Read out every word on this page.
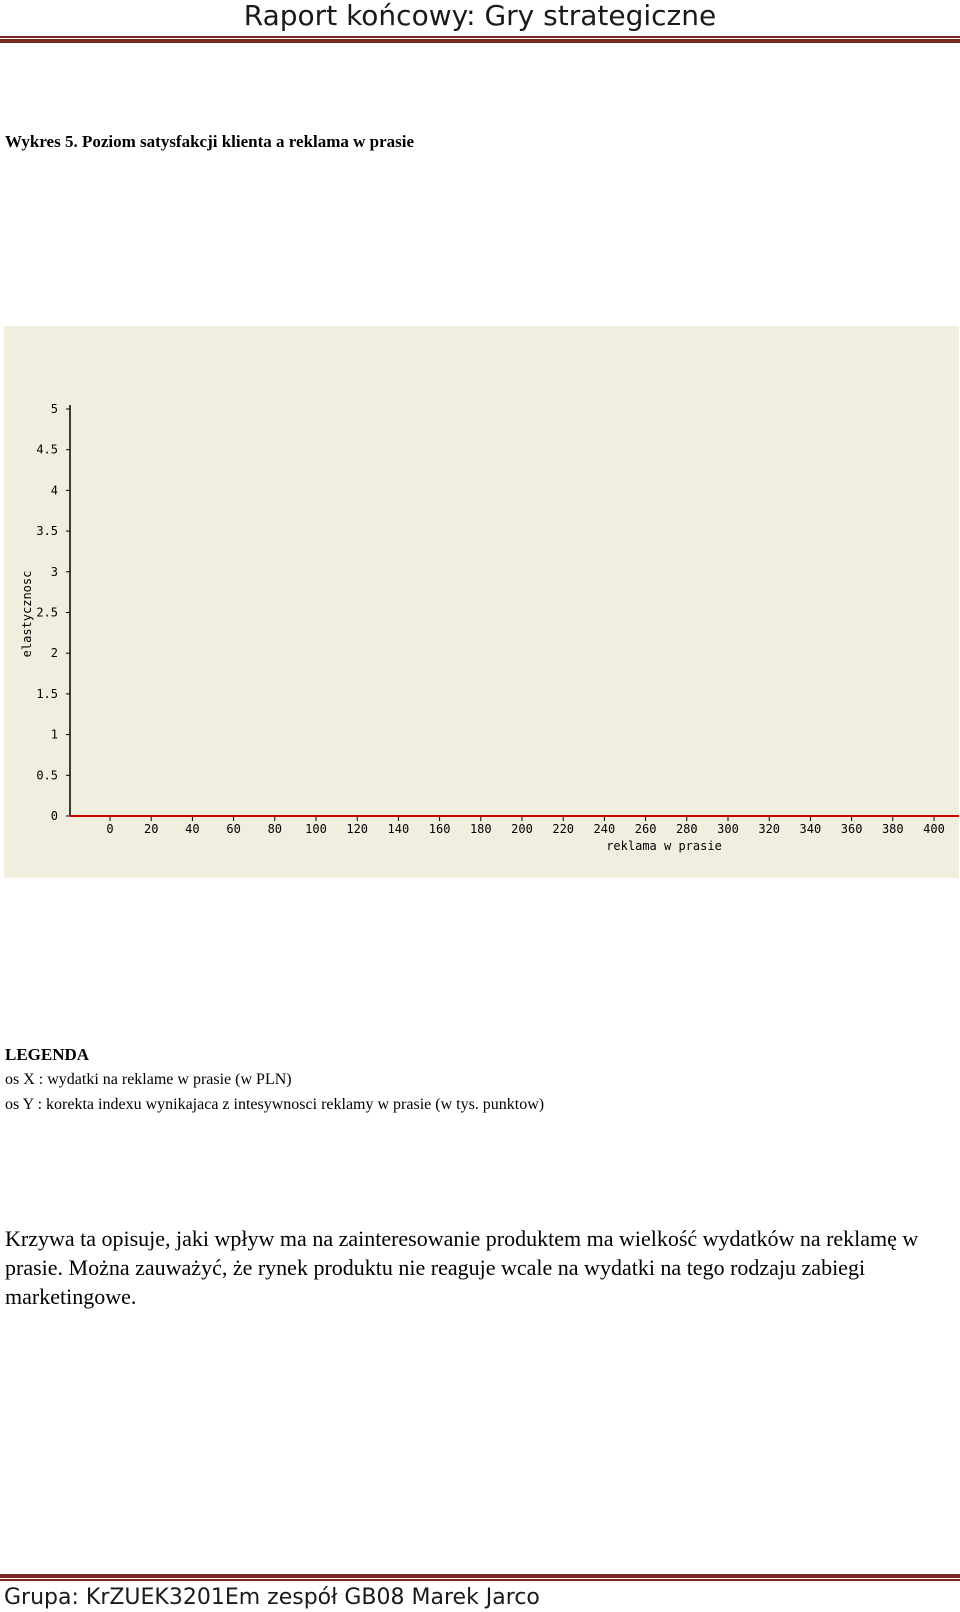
Raport końcowy: Gry strategiczne
Wykres 5. Poziom satysfakcji klienta a reklama w prasie
0
0.5
1
1.5
2
2.5
3
3.5
4
4.5
5
0	20 40 60 80 100 120 140 160 180 200 220 240 260 280 300 320 340 360 380 400
reklama w prasie
elastycznosc
LEGENDA
os X : wydatki na reklame w prasie (w PLN)
os Y : korekta indexu wynikajaca z intesywnosci reklamy w prasie (w tys. punktow)
Krzywa ta opisuje, jaki wpływ ma na zainteresowanie produktem ma wielkość wydatków na reklamę w prasie. Można zauważyć, że rynek produktu nie reaguje wcale na wydatki na tego rodzaju zabiegi marketingowe.
Grupa: KrZUEK3201Em zespół GB08 Marek Jarco
